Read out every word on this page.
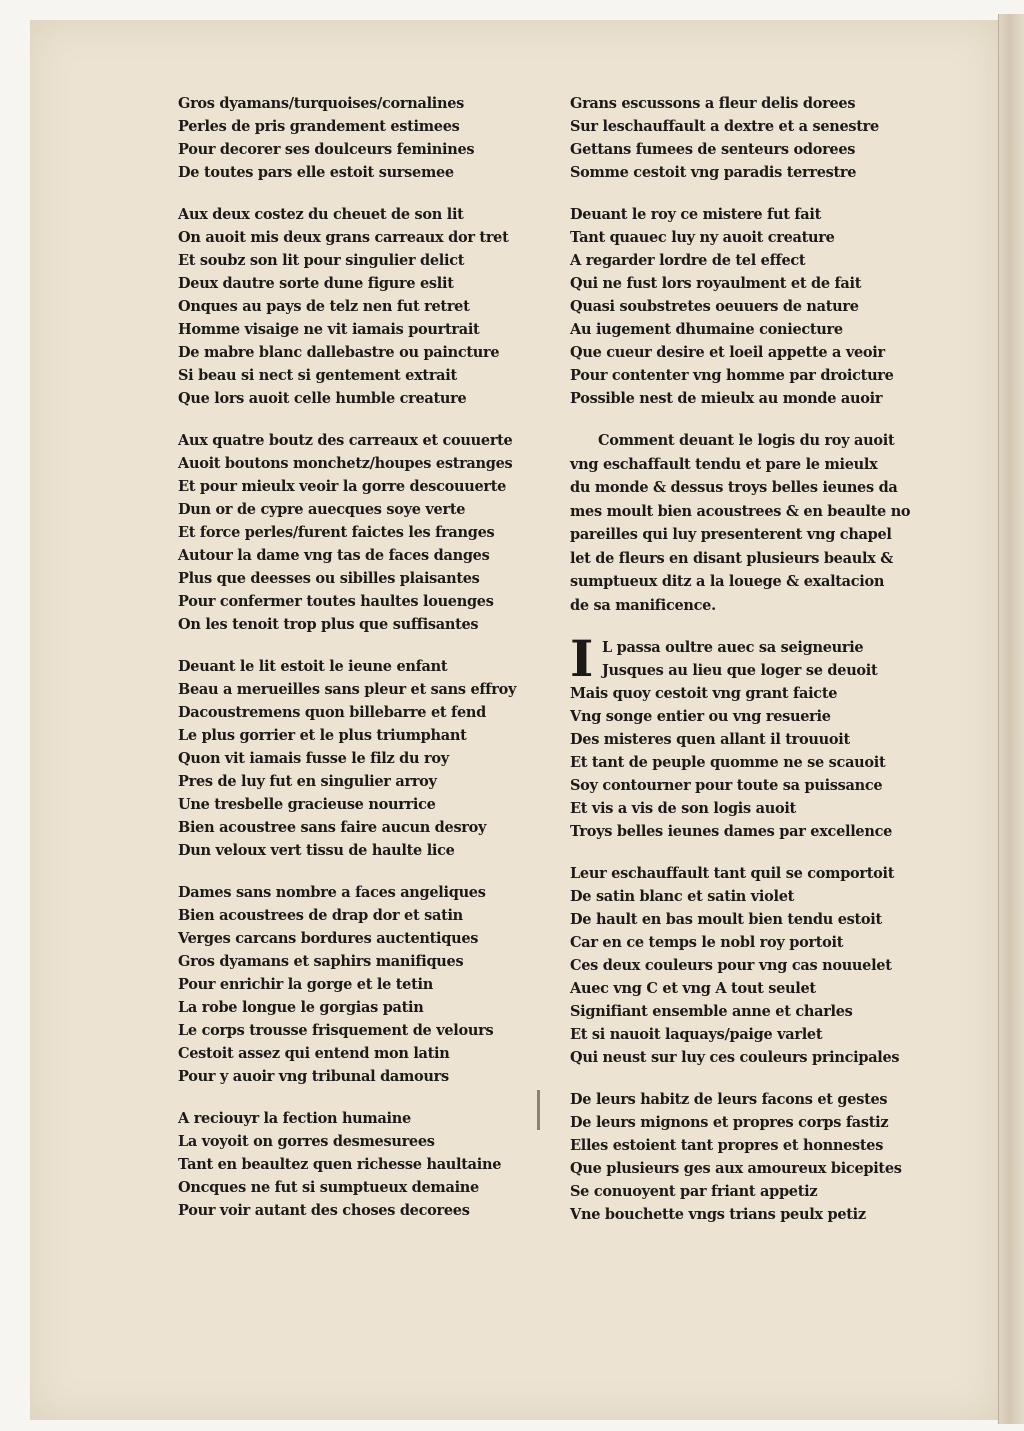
Gros dyamans/turquoises/cornalines
Perles de pris grandement estimees
Pour decorer ses doulceurs feminines
De toutes pars elle estoit sursemee
Aux deux costez du cheuet de son lit
On auoit mis deux grans carreaux dor tret
Et soubz son lit pour singulier delict
Deux dautre sorte dune figure eslit
Onques au pays de telz nen fut retret
Homme visaige ne vit iamais pourtrait
De mabre blanc dallebastre ou paincture
Si beau si nect si gentement extrait
Que lors auoit celle humble creature
Aux quatre boutz des carreaux et couuerte
Auoit boutons monchetz/houpes estranges
Et pour mieulx veoir la gorre descouuerte
Dun or de cypre auecques soye verte
Et force perles/furent faictes les franges
Autour la dame vng tas de faces danges
Plus que deesses ou sibilles plaisantes
Pour confermer toutes haultes louenges
On les tenoit trop plus que suffisantes
Deuant le lit estoit le ieune enfant
Beau a merueilles sans pleur et sans effroy
Dacoustremens quon billebarre et fend
Le plus gorrier et le plus triumphant
Quon vit iamais fusse le filz du roy
Pres de luy fut en singulier arroy
Une tresbelle gracieuse nourrice
Bien acoustree sans faire aucun desroy
Dun veloux vert tissu de haulte lice
Dames sans nombre a faces angeliques
Bien acoustrees de drap dor et satin
Verges carcans bordures auctentiques
Gros dyamans et saphirs manifiques
Pour enrichir la gorge et le tetin
La robe longue le gorgias patin
Le corps trousse frisquement de velours
Cestoit assez qui entend mon latin
Pour y auoir vng tribunal damours
A reciouyr la fection humaine
La voyoit on gorres desmesurees
Tant en beaultez quen richesse haultaine
Oncques ne fut si sumptueux demaine
Pour voir autant des choses decorees
Grans escussons a fleur delis dorees
Sur leschauffault a dextre et a senestre
Gettans fumees de senteurs odorees
Somme cestoit vng paradis terrestre
Deuant le roy ce mistere fut fait
Tant quauec luy ny auoit creature
A regarder lordre de tel effect
Qui ne fust lors royaulment et de fait
Quasi soubstretes oeuuers de nature
Au iugement dhumaine coniecture
Que cueur desire et loeil appette a veoir
Pour contenter vng homme par droicture
Possible nest de mieulx au monde auoir
Comment deuant le logis du roy auoit
vng eschaffault tendu et pare le mieulx
du monde & dessus troys belles ieunes da
mes moult bien acoustrees & en beaulte no
pareilles qui luy presenterent vng chapel
let de fleurs en disant plusieurs beaulx &
sumptueux ditz a la louege & exaltacion
de sa manificence.
I L passa oultre auec sa seigneurie
Jusques au lieu que loger se deuoit
Mais quoy cestoit vng grant faicte
Vng songe entier ou vng resuerie
Des misteres quen allant il trouuoit
Et tant de peuple quomme ne se scauoit
Soy contourner pour toute sa puissance
Et vis a vis de son logis auoit
Troys belles ieunes dames par excellence
Leur eschauffault tant quil se comportoit
De satin blanc et satin violet
De hault en bas moult bien tendu estoit
Car en ce temps le nobl roy portoit
Ces deux couleurs pour vng cas nouuelet
Auec vng C et vng A tout seulet
Signifiant ensemble anne et charles
Et si nauoit laquays/paige varlet
Qui neust sur luy ces couleurs principales
De leurs habitz de leurs facons et gestes
De leurs mignons et propres corps fastiz
Elles estoient tant propres et honnestes
Que plusieurs ges aux amoureux bicepites
Se conuoyent par friant appetiz
Vne bouchette vngs trians peulx petiz
